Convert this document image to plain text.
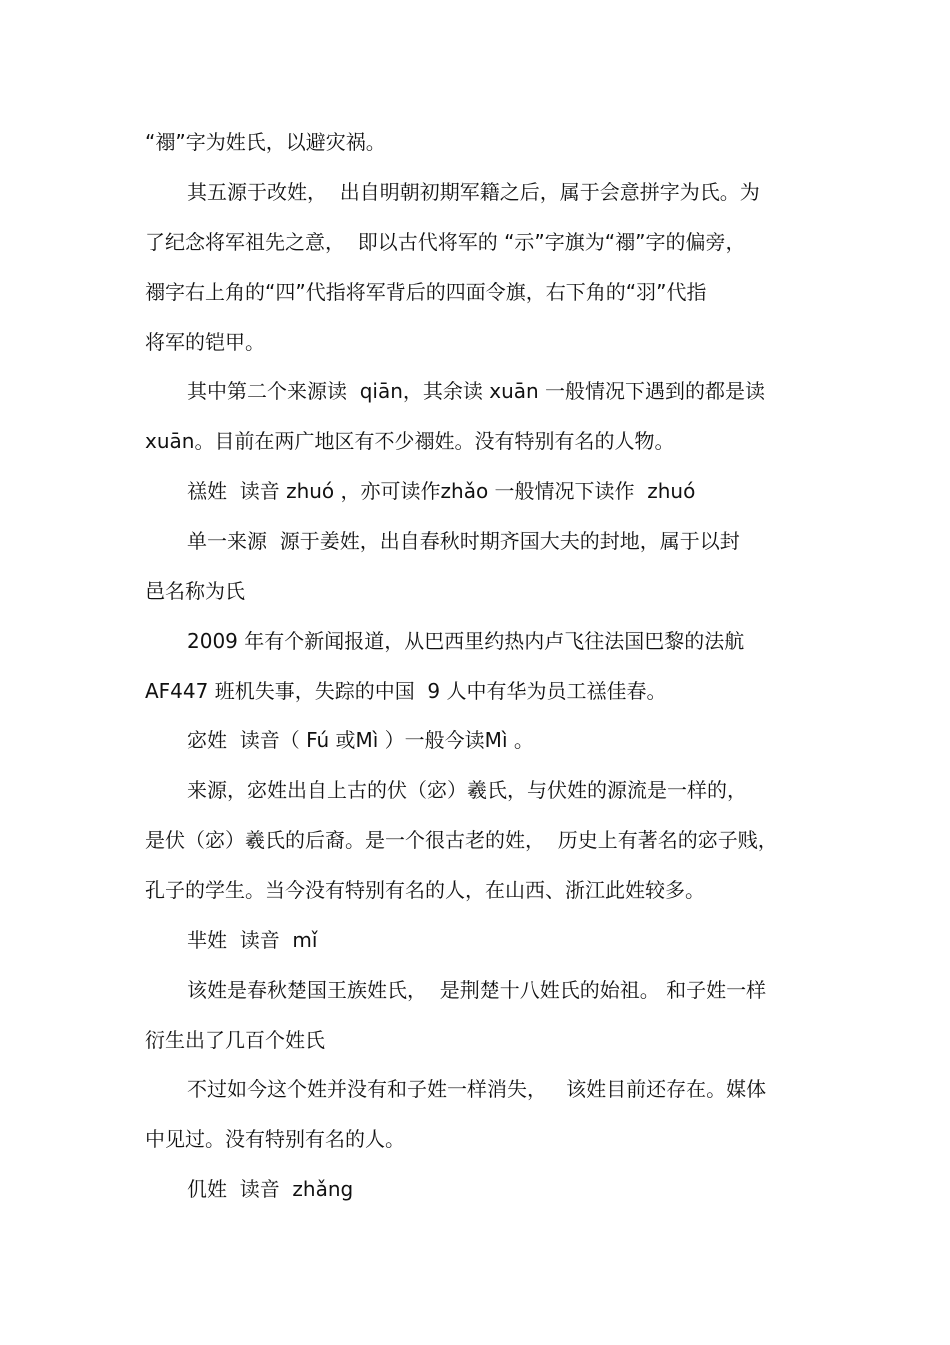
“禤”字为姓氏，以避灾祸。
其五源于改姓，  出自明朝初期军籍之后，属于会意拼字为氏。为
了纪念将军祖先之意，  即以古代将军的 “示”字旗为“禤”字的偏旁，
禤字右上角的“四”代指将军背后的四面令旗，右下角的“羽”代指
将军的铠甲。
其中第二个来源读  qiān，其余读 xuān 一般情况下遇到的都是读
xuān。目前在两广地区有不少禤姓。没有特别有名的人物。
禚姓  读音 zhuó ，亦可读作zhǎo 一般情况下读作  zhuó
单一来源  源于姜姓，出自春秋时期齐国大夫的封地，属于以封
邑名称为氏
2009 年有个新闻报道，从巴西里约热内卢飞往法国巴黎的法航
AF447 班机失事，失踪的中国  9 人中有华为员工禚佳春。
宓姓  读音（ Fú 或Mì ）一般今读Mì 。
来源，宓姓出自上古的伏（宓）羲氏，与伏姓的源流是一样的，
是伏（宓）羲氏的后裔。是一个很古老的姓，  历史上有著名的宓子贱，
孔子的学生。当今没有特别有名的人，在山西、浙江此姓较多。
芈姓  读音  mǐ
该姓是春秋楚国王族姓氏，  是荆楚十八姓氏的始祖。 和子姓一样
衍生出了几百个姓氏
不过如今这个姓并没有和子姓一样消失，   该姓目前还存在。媒体
中见过。没有特别有名的人。
仉姓  读音  zhǎng
